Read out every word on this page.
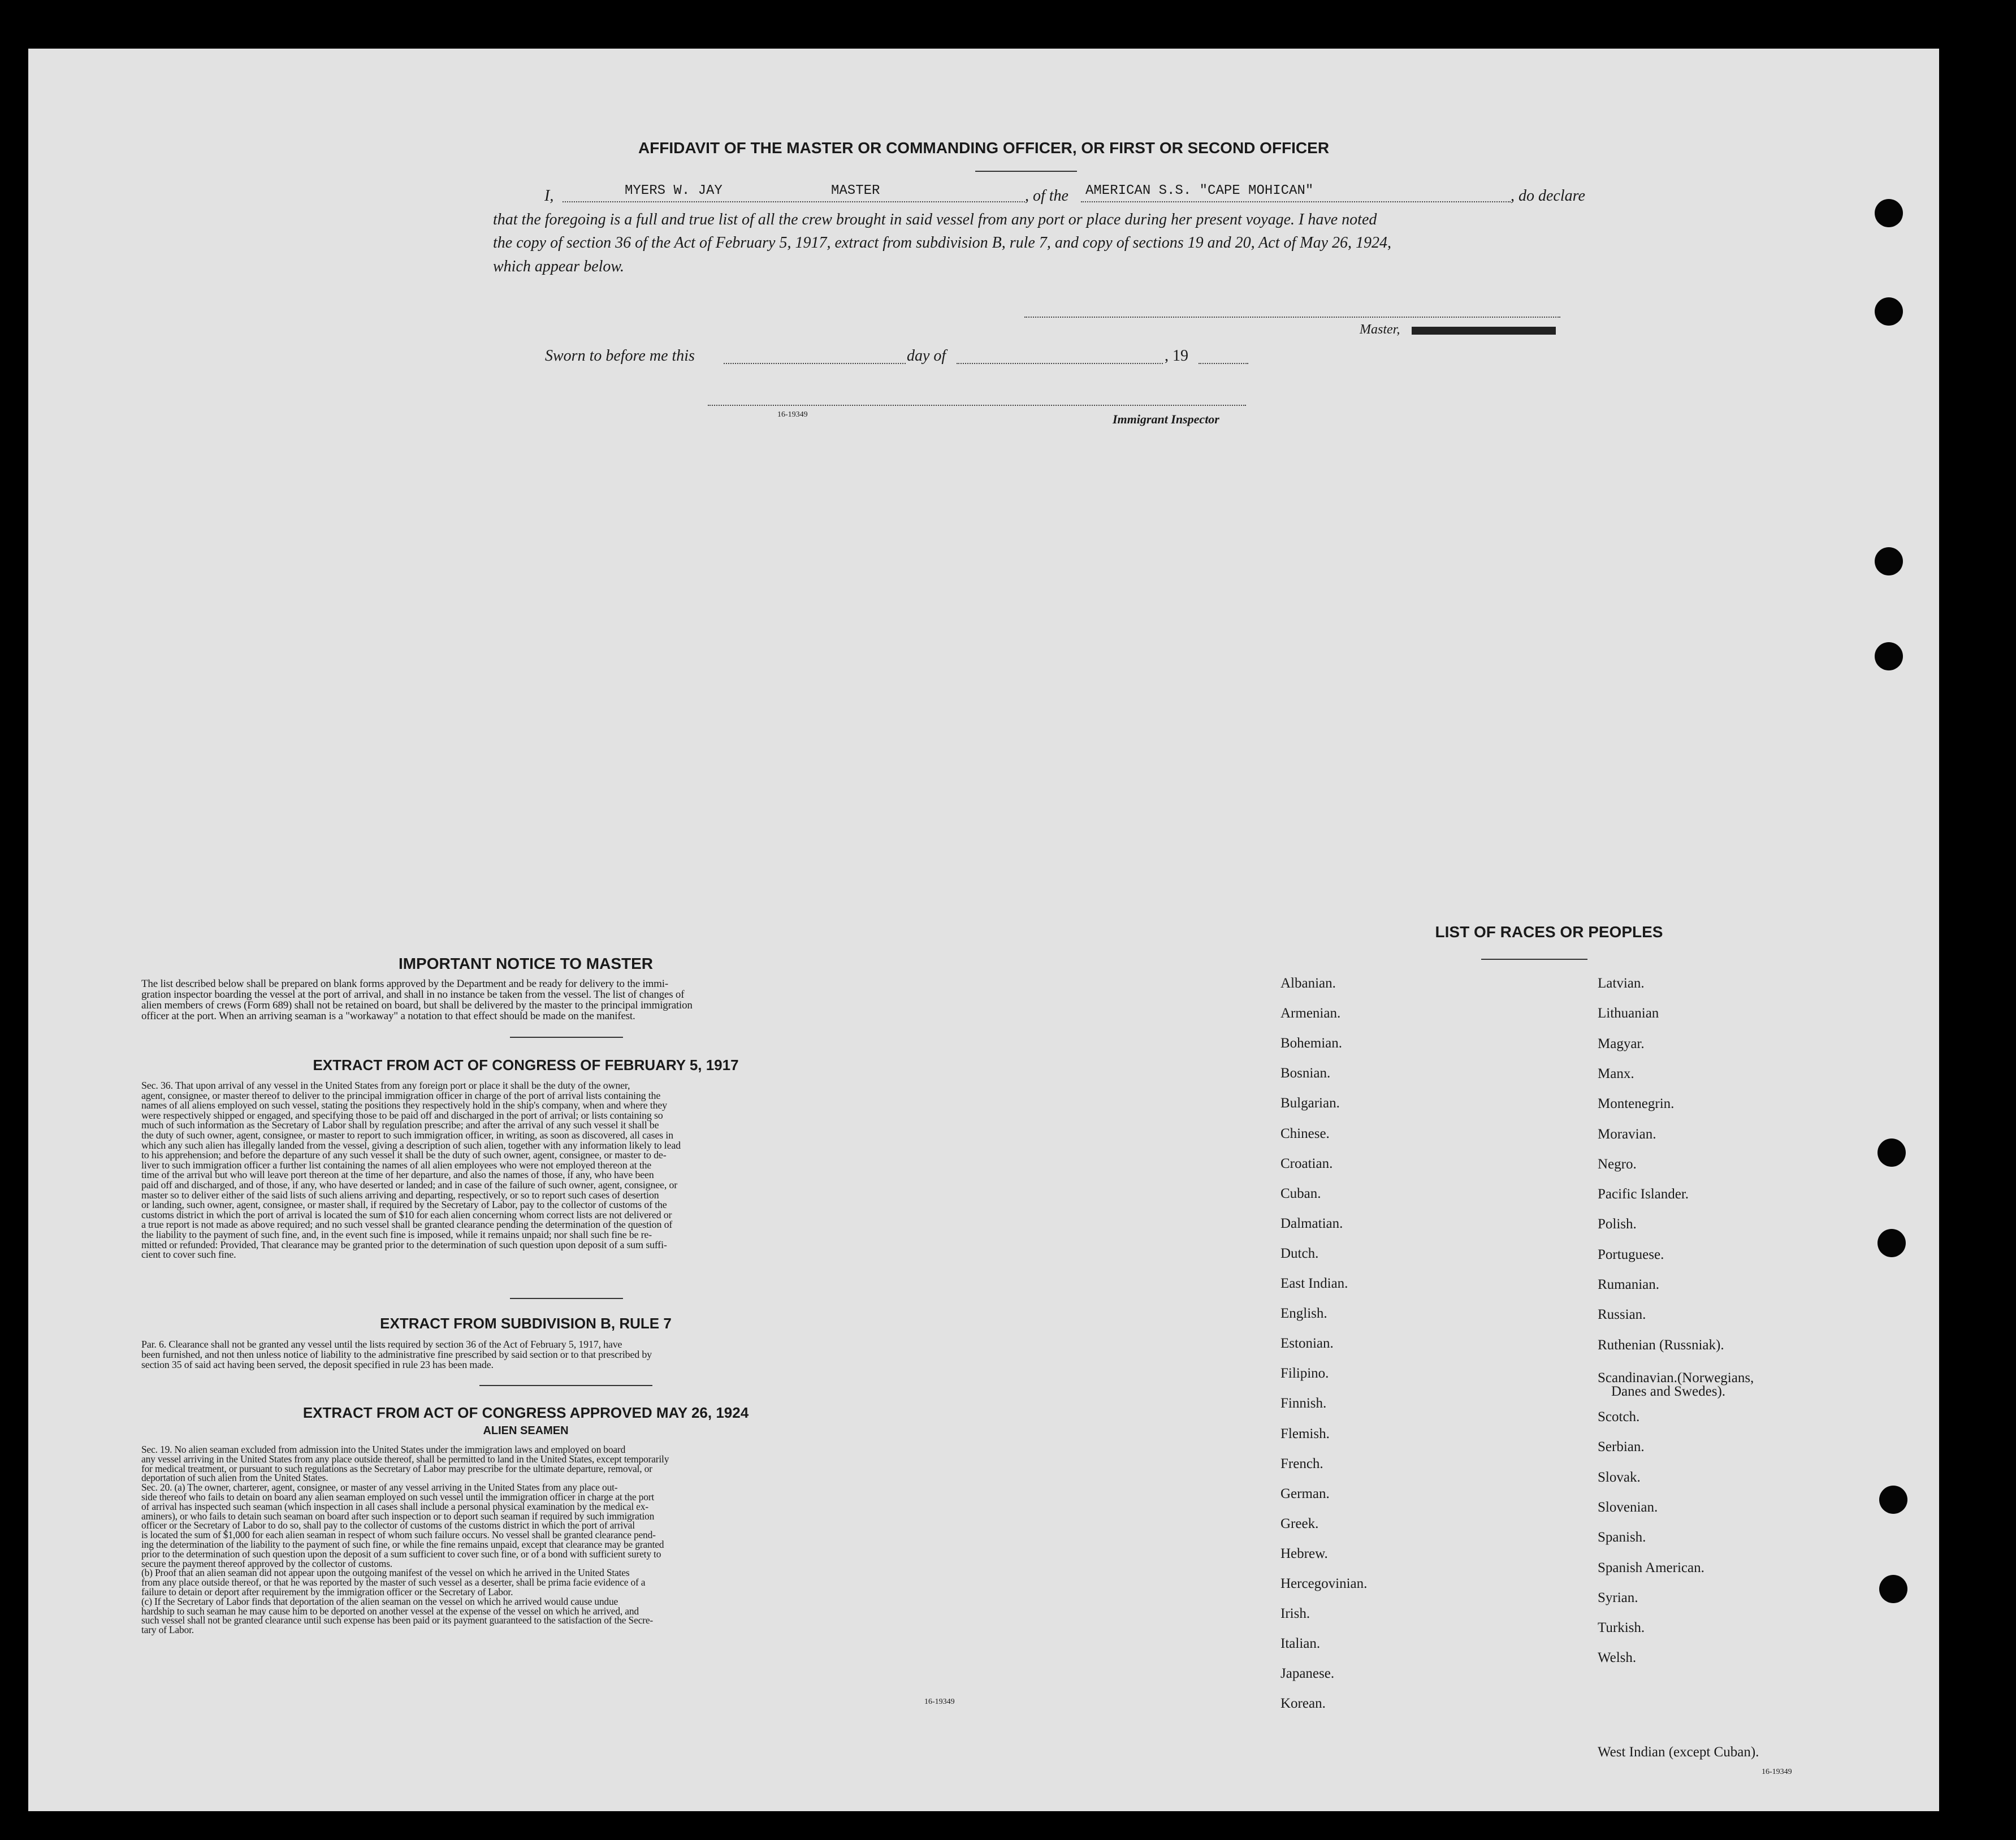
AFFIDAVIT OF THE MASTER OR COMMANDING OFFICER, OR FIRST OR SECOND OFFICER
I,	MYERS W. JAY	MASTER	, of the AMERICAN S.S. "CAPE MOHICAN"	, do declare
that the foregoing is a full and true list of all the crew brought in said vessel from any port or place during her present voyage. I have noted
the copy of section 36 of the Act of February 5, 1917, extract from subdivision B, rule 7, and copy of sections 19 and 20, Act of May 26, 1924,
which appear below.
Master,
Sworn to before me this	day of	, 19
16-19349	Immigrant Inspector
IMPORTANT NOTICE TO MASTER
The list described below shall be prepared on blank forms approved by the Department and be ready for delivery to the immi-
gration inspector boarding the vessel at the port of arrival, and shall in no instance be taken from the vessel. The list of changes of
alien members of crews (Form 689) shall not be retained on board, but shall be delivered by the master to the principal immigration
officer at the port. When an arriving seaman is a "workaway" a notation to that effect should be made on the manifest.
EXTRACT FROM ACT OF CONGRESS OF FEBRUARY 5, 1917
Sec. 36. That upon arrival of any vessel in the United States from any foreign port or place it shall be the duty of the owner,
agent, consignee, or master thereof to deliver to the principal immigration officer in charge of the port of arrival lists containing the
names of all aliens employed on such vessel, stating the positions they respectively hold in the ship's company, when and where they
were respectively shipped or engaged, and specifying those to be paid off and discharged in the port of arrival; or lists containing so
much of such information as the Secretary of Labor shall by regulation prescribe; and after the arrival of any such vessel it shall be
the duty of such owner, agent, consignee, or master to report to such immigration officer, in writing, as soon as discovered, all cases in
which any such alien has illegally landed from the vessel, giving a description of such alien, together with any information likely to lead
to his apprehension; and before the departure of any such vessel it shall be the duty of such owner, agent, consignee, or master to de-
liver to such immigration officer a further list containing the names of all alien employees who were not employed thereon at the
time of the arrival but who will leave port thereon at the time of her departure, and also the names of those, if any, who have been
paid off and discharged, and of those, if any, who have deserted or landed; and in case of the failure of such owner, agent, consignee, or
master so to deliver either of the said lists of such aliens arriving and departing, respectively, or so to report such cases of desertion
or landing, such owner, agent, consignee, or master shall, if required by the Secretary of Labor, pay to the collector of customs of the
customs district in which the port of arrival is located the sum of $10 for each alien concerning whom correct lists are not delivered or
a true report is not made as above required; and no such vessel shall be granted clearance pending the determination of the question of
the liability to the payment of such fine, and, in the event such fine is imposed, while it remains unpaid; nor shall such fine be re-
mitted or refunded: Provided, That clearance may be granted prior to the determination of such question upon deposit of a sum suffi-
cient to cover such fine.
EXTRACT FROM SUBDIVISION B, RULE 7
Par. 6. Clearance shall not be granted any vessel until the lists required by section 36 of the Act of February 5, 1917, have
been furnished, and not then unless notice of liability to the administrative fine prescribed by said section or to that prescribed by
section 35 of said act having been served, the deposit specified in rule 23 has been made.
EXTRACT FROM ACT OF CONGRESS APPROVED MAY 26, 1924
ALIEN SEAMEN
Sec. 19. No alien seaman excluded from admission into the United States under the immigration laws and employed on board
any vessel arriving in the United States from any place outside thereof, shall be permitted to land in the United States, except temporarily
for medical treatment, or pursuant to such regulations as the Secretary of Labor may prescribe for the ultimate departure, removal, or
deportation of such alien from the United States.
Sec. 20. (a) The owner, charterer, agent, consignee, or master of any vessel arriving in the United States from any place out-
side thereof who fails to detain on board any alien seaman employed on such vessel until the immigration officer in charge at the port
of arrival has inspected such seaman (which inspection in all cases shall include a personal physical examination by the medical ex-
aminers), or who fails to detain such seaman on board after such inspection or to deport such seaman if required by such immigration
officer or the Secretary of Labor to do so, shall pay to the collector of customs of the customs district in which the port of arrival
is located the sum of $1,000 for each alien seaman in respect of whom such failure occurs. No vessel shall be granted clearance pend-
ing the determination of the liability to the payment of such fine, or while the fine remains unpaid, except that clearance may be granted
prior to the determination of such question upon the deposit of a sum sufficient to cover such fine, or of a bond with sufficient surety to
secure the payment thereof approved by the collector of customs.
(b) Proof that an alien seaman did not appear upon the outgoing manifest of the vessel on which he arrived in the United States
from any place outside thereof, or that he was reported by the master of such vessel as a deserter, shall be prima facie evidence of a
failure to detain or deport after requirement by the immigration officer or the Secretary of Labor.
(c) If the Secretary of Labor finds that deportation of the alien seaman on the vessel on which he arrived would cause undue
hardship to such seaman he may cause him to be deported on another vessel at the expense of the vessel on which he arrived, and
such vessel shall not be granted clearance until such expense has been paid or its payment guaranteed to the satisfaction of the Secre-
tary of Labor.
16-19349
LIST OF RACES OR PEOPLES
Albanian.
Armenian.
Bohemian.
Bosnian.
Bulgarian.
Chinese.
Croatian.
Cuban.
Dalmatian.
Dutch.
East Indian.
English.
Estonian.
Filipino.
Finnish.
Flemish.
French.
German.
Greek.
Hebrew.
Hercegovinian.
Irish.
Italian.
Japanese.
Korean.
Latvian.
Lithuanian
Magyar.
Manx.
Montenegrin.
Moravian.
Negro.
Pacific Islander.
Polish.
Portuguese.
Rumanian.
Russian.
Ruthenian (Russniak).
Scandinavian.(Norwegians,
Danes and Swedes).
Scotch.
Serbian.
Slovak.
Slovenian.
Spanish.
Spanish American.
Syrian.
Turkish.
Welsh.
West Indian (except Cuban).
16-19349
